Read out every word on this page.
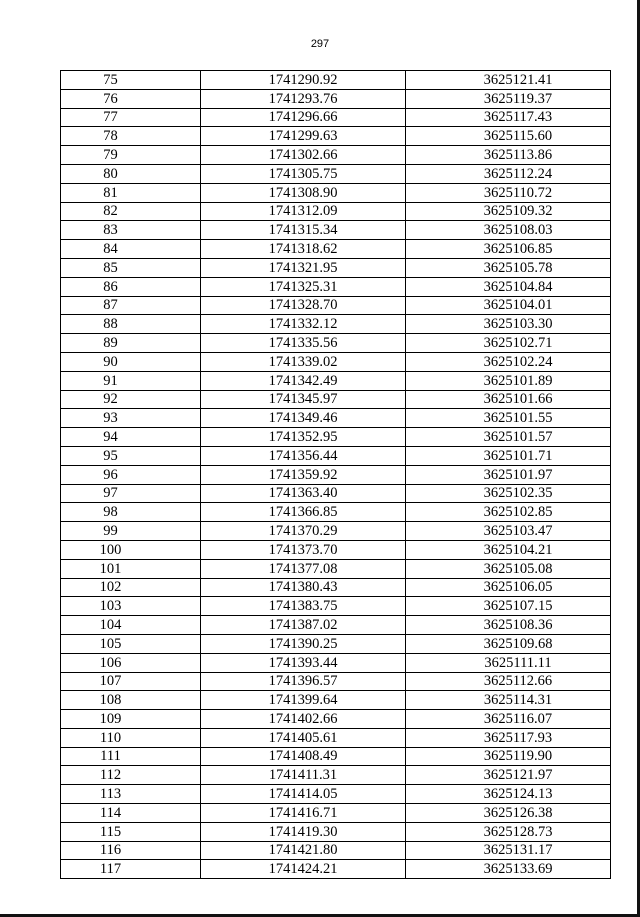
297
75	1741290.92	3625121.41
76	1741293.76	3625119.37
77	1741296.66	3625117.43
78	1741299.63	3625115.60
79	1741302.66	3625113.86
80	1741305.75	3625112.24
81	1741308.90	3625110.72
82	1741312.09	3625109.32
83	1741315.34	3625108.03
84	1741318.62	3625106.85
85	1741321.95	3625105.78
86	1741325.31	3625104.84
87	1741328.70	3625104.01
88	1741332.12	3625103.30
89	1741335.56	3625102.71
90	1741339.02	3625102.24
91	1741342.49	3625101.89
92	1741345.97	3625101.66
93	1741349.46	3625101.55
94	1741352.95	3625101.57
95	1741356.44	3625101.71
96	1741359.92	3625101.97
97	1741363.40	3625102.35
98	1741366.85	3625102.85
99	1741370.29	3625103.47
100	1741373.70	3625104.21
101	1741377.08	3625105.08
102	1741380.43	3625106.05
103	1741383.75	3625107.15
104	1741387.02	3625108.36
105	1741390.25	3625109.68
106	1741393.44	3625111.11
107	1741396.57	3625112.66
108	1741399.64	3625114.31
109	1741402.66	3625116.07
110	1741405.61	3625117.93
111	1741408.49	3625119.90
112	1741411.31	3625121.97
113	1741414.05	3625124.13
114	1741416.71	3625126.38
115	1741419.30	3625128.73
116	1741421.80	3625131.17
117	1741424.21	3625133.69
